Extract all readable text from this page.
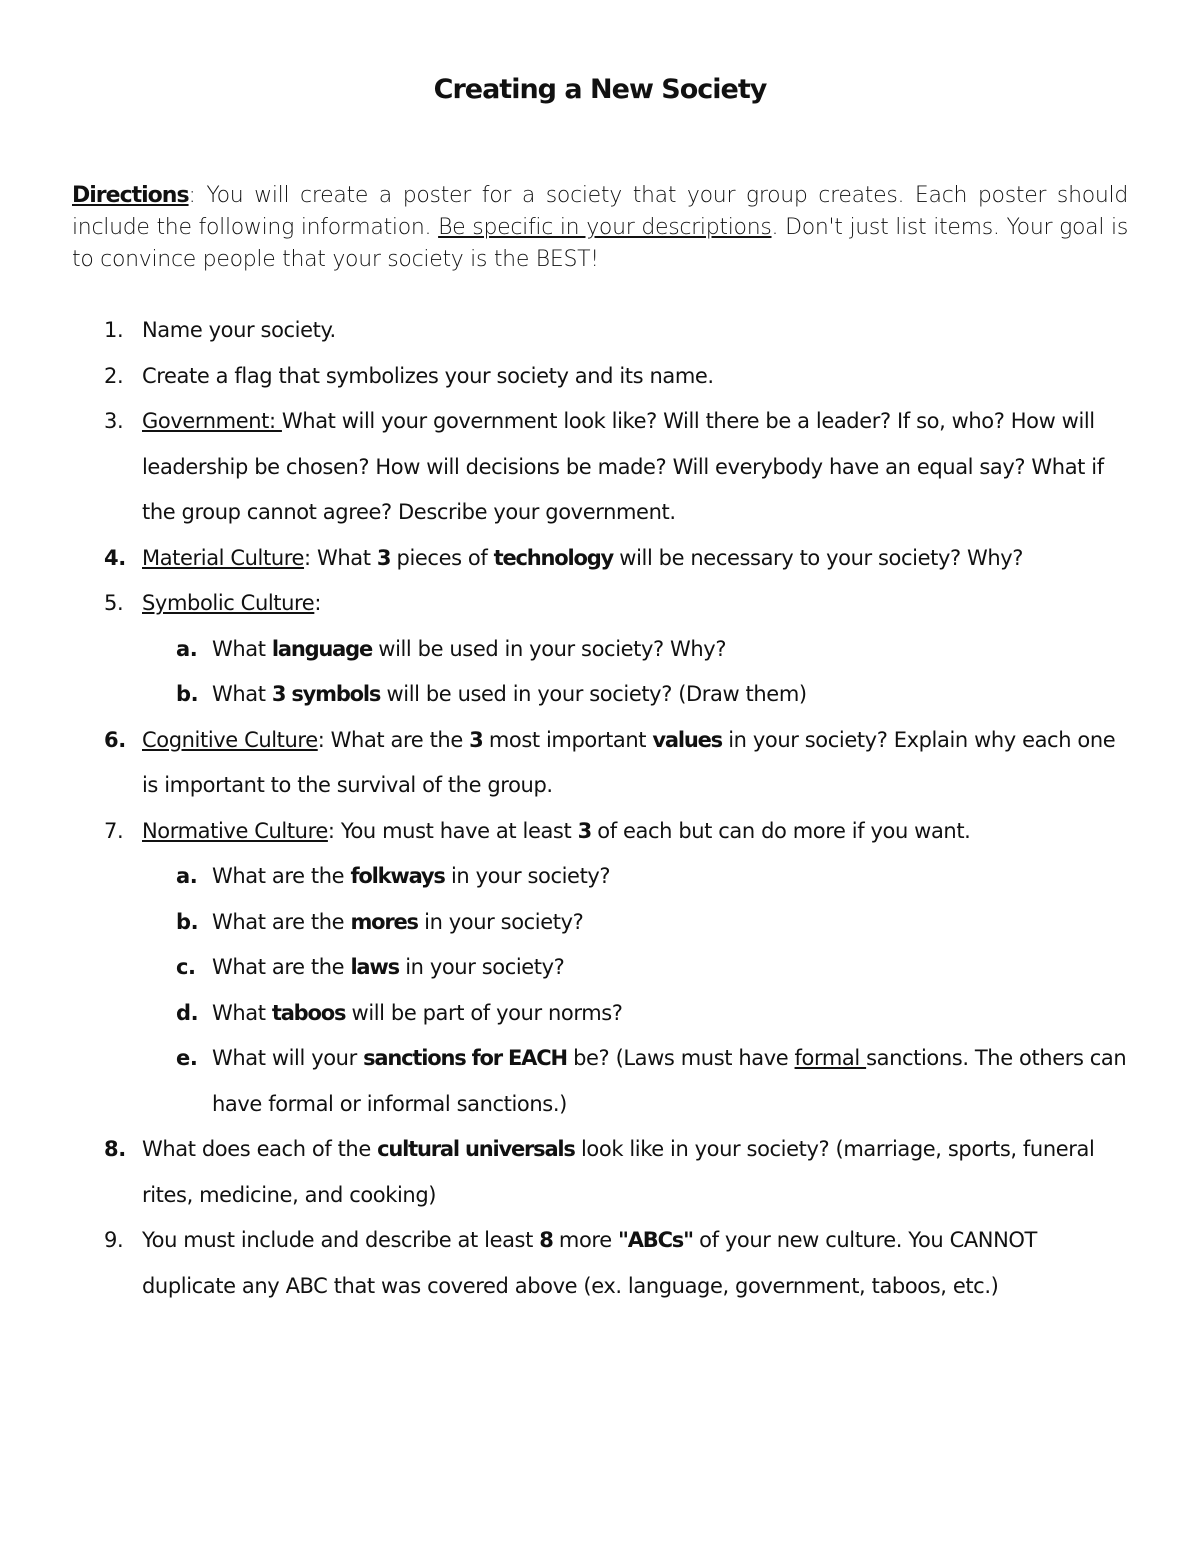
Creating a New Society

Directions: You will create a poster for a society that your group creates. Each poster should include the following information. Be specific in your descriptions. Don't just list items. Your goal is to convince people that your society is the BEST!

1. Name your society.
2. Create a flag that symbolizes your society and its name.
3. Government: What will your government look like? Will there be a leader? If so, who? How will leadership be chosen? How will decisions be made? Will everybody have an equal say? What if the group cannot agree? Describe your government.
4. Material Culture: What 3 pieces of technology will be necessary to your society? Why?
5. Symbolic Culture:
a. What language will be used in your society? Why?
b. What 3 symbols will be used in your society? (Draw them)
6. Cognitive Culture: What are the 3 most important values in your society? Explain why each one is important to the survival of the group.
7. Normative Culture: You must have at least 3 of each but can do more if you want.
a. What are the folkways in your society?
b. What are the mores in your society?
c. What are the laws in your society?
d. What taboos will be part of your norms?
e. What will your sanctions for EACH be? (Laws must have formal sanctions. The others can have formal or informal sanctions.)
8. What does each of the cultural universals look like in your society? (marriage, sports, funeral rites, medicine, and cooking)
9. You must include and describe at least 8 more "ABCs" of your new culture. You CANNOT duplicate any ABC that was covered above (ex. language, government, taboos, etc.)
